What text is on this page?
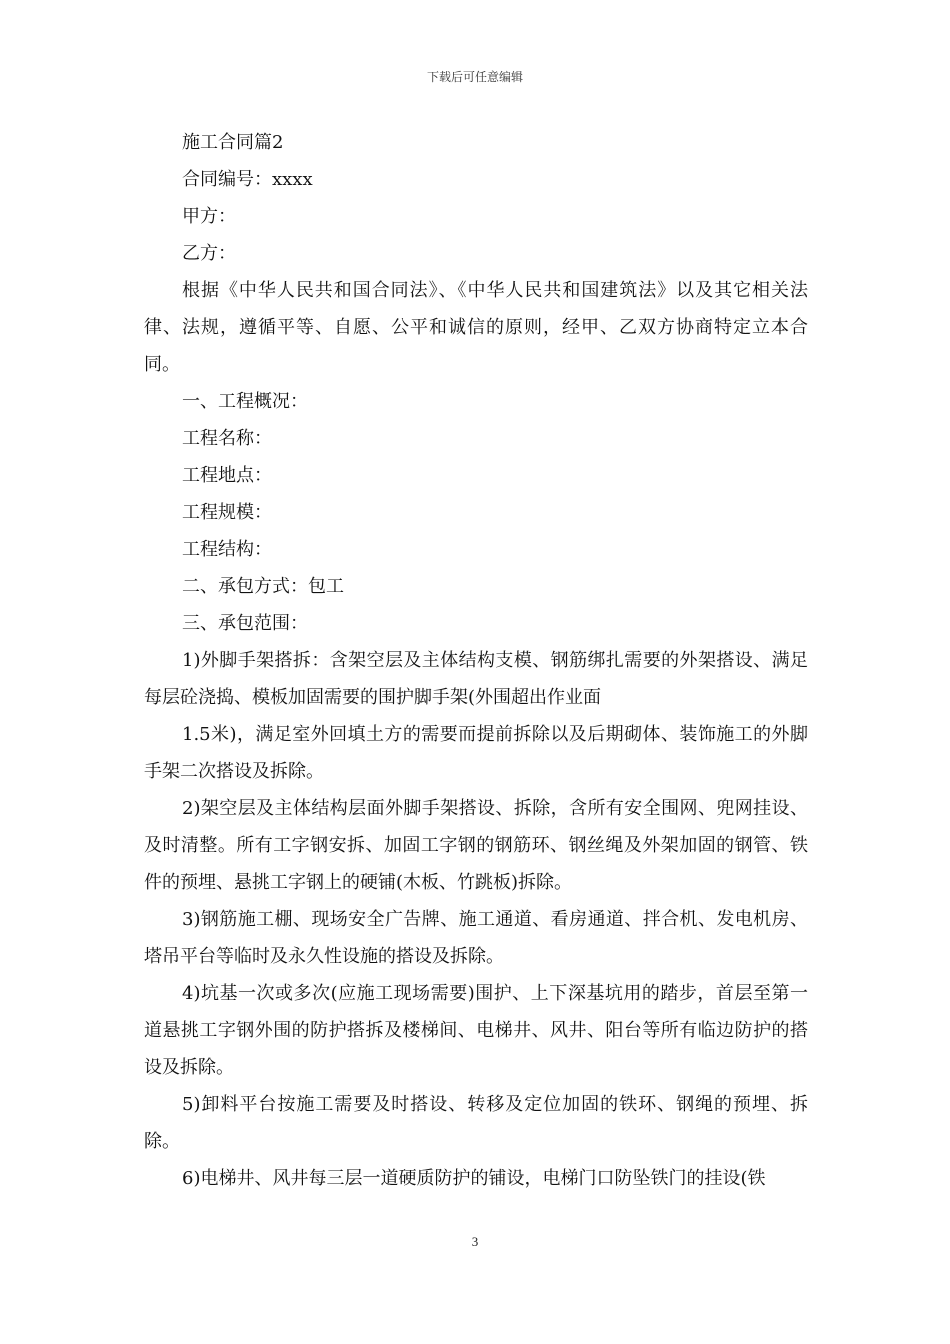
下载后可任意编辑

施工合同篇2

合同编号：xxxx

甲方：

乙方：

根据《中华人民共和国合同法》、《中华人民共和国建筑法》以及其它相关法律、法规，遵循平等、自愿、公平和诚信的原则，经甲、乙双方协商特定立本合同。

一、工程概况：

工程名称：

工程地点：

工程规模：

工程结构：

二、承包方式：包工

三、承包范围：

1)外脚手架搭拆：含架空层及主体结构支模、钢筋绑扎需要的外架搭设、满足每层砼浇捣、模板加固需要的围护脚手架(外围超出作业面

1.5米)，满足室外回填土方的需要而提前拆除以及后期砌体、装饰施工的外脚手架二次搭设及拆除。

2)架空层及主体结构层面外脚手架搭设、拆除，含所有安全围网、兜网挂设、及时清整。所有工字钢安拆、加固工字钢的钢筋环、钢丝绳及外架加固的钢管、铁件的预埋、悬挑工字钢上的硬铺(木板、竹跳板)拆除。

3)钢筋施工棚、现场安全广告牌、施工通道、看房通道、拌合机、发电机房、塔吊平台等临时及永久性设施的搭设及拆除。

4)坑基一次或多次(应施工现场需要)围护、上下深基坑用的踏步，首层至第一道悬挑工字钢外围的防护搭拆及楼梯间、电梯井、风井、阳台等所有临边防护的搭设及拆除。

5)卸料平台按施工需要及时搭设、转移及定位加固的铁环、钢绳的预埋、拆除。

6)电梯井、风井每三层一道硬质防护的铺设，电梯门口防坠铁门的挂设(铁

3
